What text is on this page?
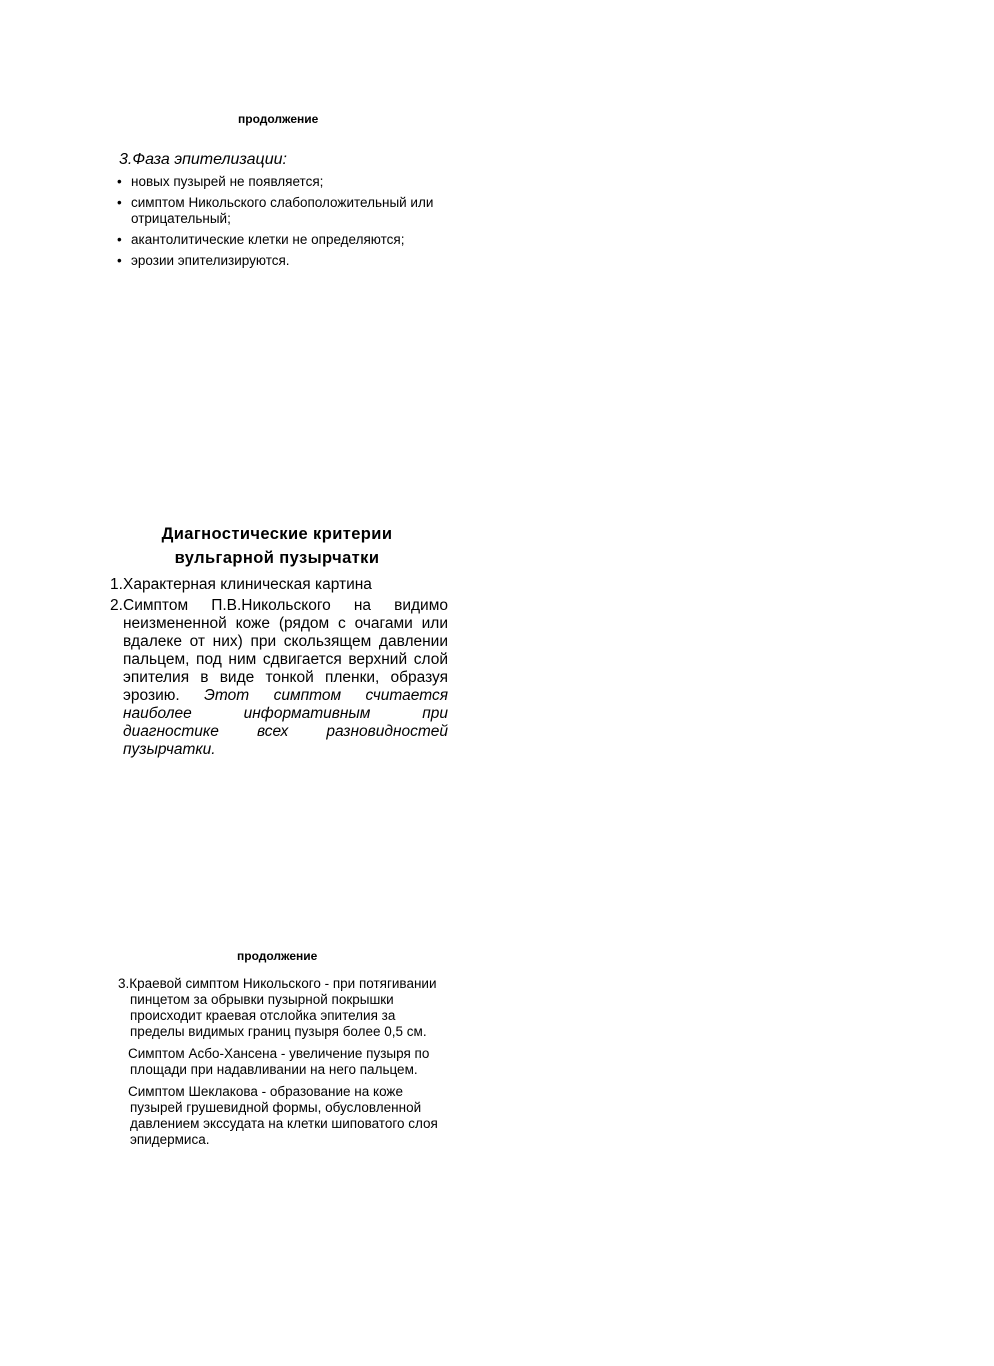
продолжение
3.Фаза эпителизации:
• новых пузырей не появляется;
• симптом Никольского слабоположительный или отрицательный;
• акантолитические клетки не определяются;
• эрозии эпителизируются.
Диагностические критерии
вульгарной пузырчатки
1. Характерная клиническая картина
2. Симптом П.В.Никольского на видимо неизмененной коже (рядом с очагами или вдалеке от них) при скользящем давлении пальцем, под ним сдвигается верхний слой эпителия в виде тонкой пленки, образуя эрозию. Этот симптом считается наиболее информативным при диагностике всех разновидностей пузырчатки.
продолжение

3.Краевой симптом Никольского - при потягивании пинцетом за обрывки пузырной покрышки происходит краевая отслойка эпителия за пределы видимых границ пузыря более 0,5 см.

Симптом Асбо-Хансена - увеличение пузыря по площади при надавливании на него пальцем.

Симптом Шеклакова - образование на коже пузырей грушевидной формы, обусловленной давлением экссудата на клетки шиповатого слоя эпидермиса.
